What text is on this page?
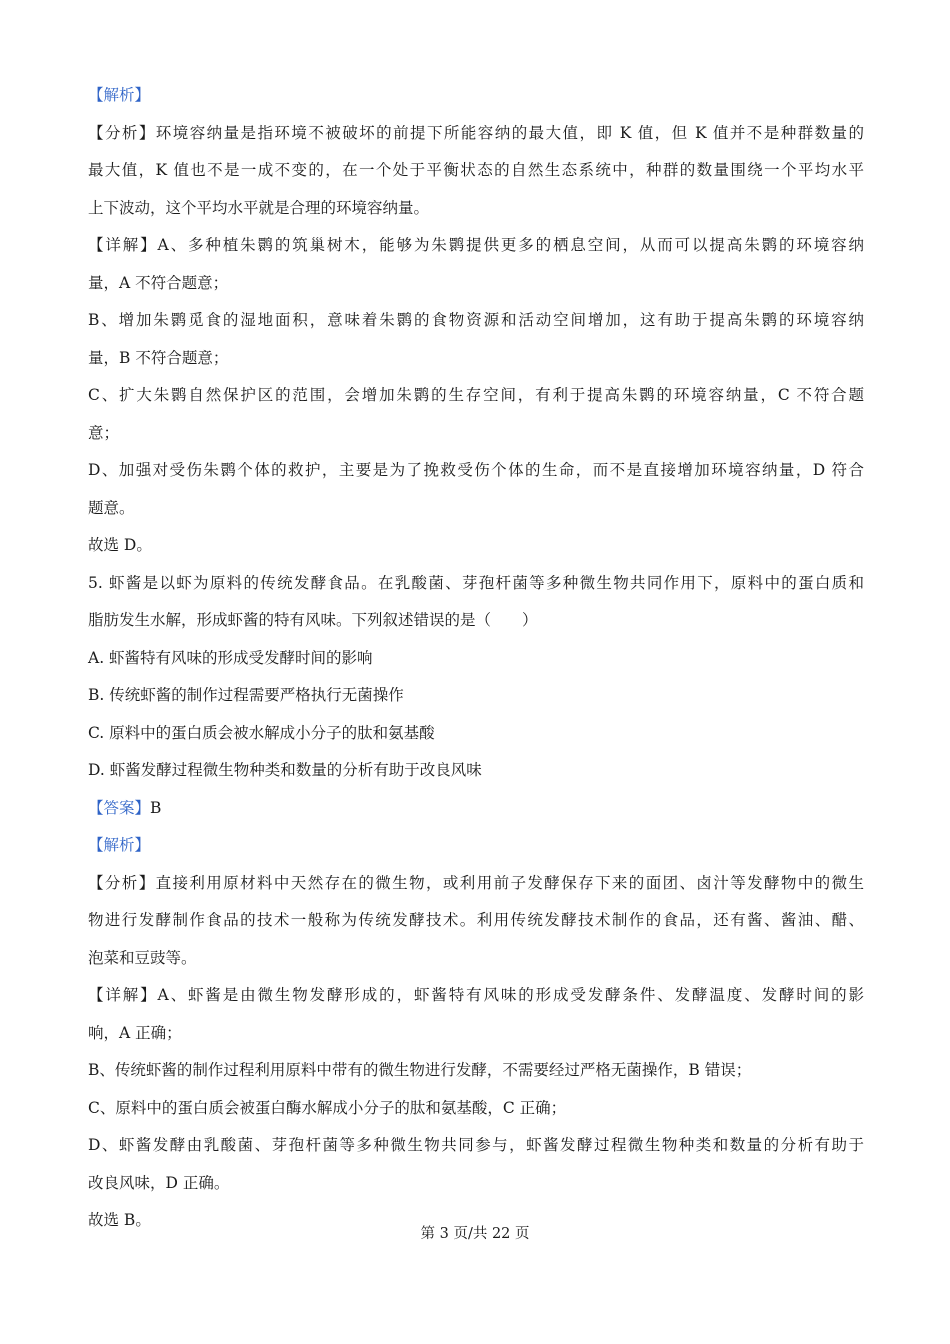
【解析】
【分析】环境容纳量是指环境不被破坏的前提下所能容纳的最大值，即 K 值，但 K 值并不是种群数量的
最大值，K 值也不是一成不变的，在一个处于平衡状态的自然生态系统中，种群的数量围绕一个平均水平
上下波动，这个平均水平就是合理的环境容纳量。
【详解】A、多种植朱鹮的筑巢树木，能够为朱鹮提供更多的栖息空间，从而可以提高朱鹮的环境容纳
量，A 不符合题意；
B、增加朱鹮觅食的湿地面积，意味着朱鹮的食物资源和活动空间增加，这有助于提高朱鹮的环境容纳
量，B 不符合题意；
C、扩大朱鹮自然保护区的范围，会增加朱鹮的生存空间，有利于提高朱鹮的环境容纳量，C 不符合题
意；
D、加强对受伤朱鹮个体的救护，主要是为了挽救受伤个体的生命，而不是直接增加环境容纳量，D 符合
题意。
故选 D。
5. 虾酱是以虾为原料的传统发酵食品。在乳酸菌、芽孢杆菌等多种微生物共同作用下，原料中的蛋白质和
脂肪发生水解，形成虾酱的特有风味。下列叙述错误的是（　　）
A. 虾酱特有风味的形成受发酵时间的影响
B. 传统虾酱的制作过程需要严格执行无菌操作
C. 原料中的蛋白质会被水解成小分子的肽和氨基酸
D. 虾酱发酵过程微生物种类和数量的分析有助于改良风味
【答案】B
【解析】
【分析】直接利用原材料中天然存在的微生物，或利用前子发酵保存下来的面团、卤汁等发酵物中的微生
物进行发酵制作食品的技术一般称为传统发酵技术。利用传统发酵技术制作的食品，还有酱、酱油、醋、
泡菜和豆豉等。
【详解】A、虾酱是由微生物发酵形成的，虾酱特有风味的形成受发酵条件、发酵温度、发酵时间的影
响，A 正确；
B、传统虾酱的制作过程利用原料中带有的微生物进行发酵，不需要经过严格无菌操作，B 错误；
C、原料中的蛋白质会被蛋白酶水解成小分子的肽和氨基酸，C 正确；
D、虾酱发酵由乳酸菌、芽孢杆菌等多种微生物共同参与，虾酱发酵过程微生物种类和数量的分析有助于
改良风味，D 正确。
故选 B。
第 3 页/共 22 页
